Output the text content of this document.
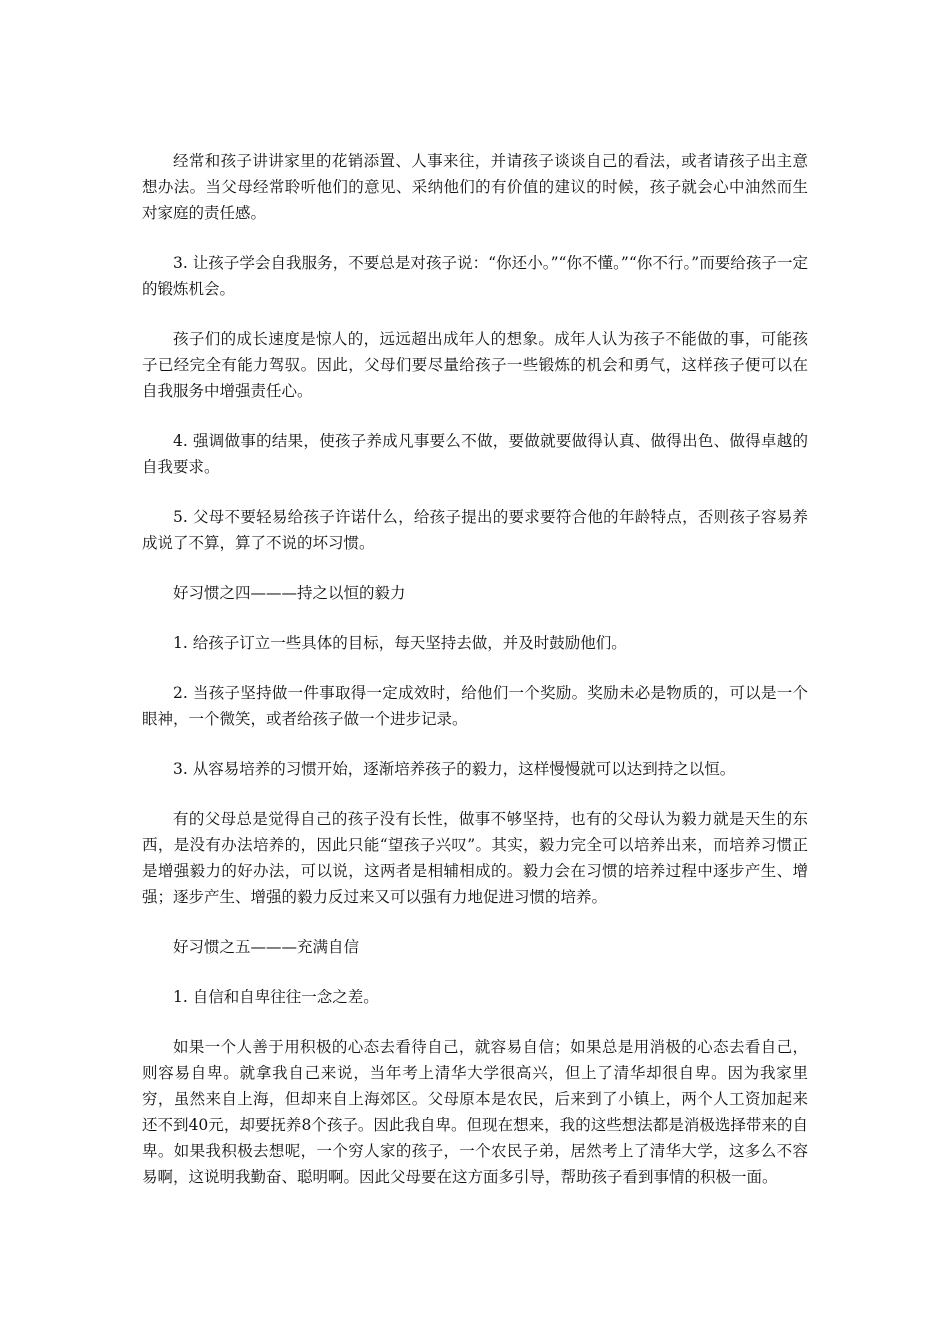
经常和孩子讲讲家里的花销添置、人事来往，并请孩子谈谈自己的看法，或者请孩子出主意想办法。当父母经常聆听他们的意见、采纳他们的有价值的建议的时候，孩子就会心中油然而生对家庭的责任感。

3. 让孩子学会自我服务，不要总是对孩子说：“你还小。”“你不懂。”“你不行。”而要给孩子一定的锻炼机会。

孩子们的成长速度是惊人的，远远超出成年人的想象。成年人认为孩子不能做的事，可能孩子已经完全有能力驾驭。因此，父母们要尽量给孩子一些锻炼的机会和勇气，这样孩子便可以在自我服务中增强责任心。

4. 强调做事的结果，使孩子养成凡事要么不做，要做就要做得认真、做得出色、做得卓越的自我要求。

5. 父母不要轻易给孩子许诺什么，给孩子提出的要求要符合他的年龄特点，否则孩子容易养成说了不算，算了不说的坏习惯。

好习惯之四———持之以恒的毅力

1. 给孩子订立一些具体的目标，每天坚持去做，并及时鼓励他们。

2. 当孩子坚持做一件事取得一定成效时，给他们一个奖励。奖励未必是物质的，可以是一个眼神，一个微笑，或者给孩子做一个进步记录。

3. 从容易培养的习惯开始，逐渐培养孩子的毅力，这样慢慢就可以达到持之以恒。

有的父母总是觉得自己的孩子没有长性，做事不够坚持，也有的父母认为毅力就是天生的东西，是没有办法培养的，因此只能“望孩子兴叹”。其实，毅力完全可以培养出来，而培养习惯正是增强毅力的好办法，可以说，这两者是相辅相成的。毅力会在习惯的培养过程中逐步产生、增强；逐步产生、增强的毅力反过来又可以强有力地促进习惯的培养。

好习惯之五———充满自信

1. 自信和自卑往往一念之差。

如果一个人善于用积极的心态去看待自己，就容易自信；如果总是用消极的心态去看自己，则容易自卑。就拿我自己来说，当年考上清华大学很高兴，但上了清华却很自卑。因为我家里穷，虽然来自上海，但却来自上海郊区。父母原本是农民，后来到了小镇上，两个人工资加起来还不到40元，却要抚养8个孩子。因此我自卑。但现在想来，我的这些想法都是消极选择带来的自卑。如果我积极去想呢，一个穷人家的孩子，一个农民子弟，居然考上了清华大学，这多么不容易啊，这说明我勤奋、聪明啊。因此父母要在这方面多引导，帮助孩子看到事情的积极一面。
